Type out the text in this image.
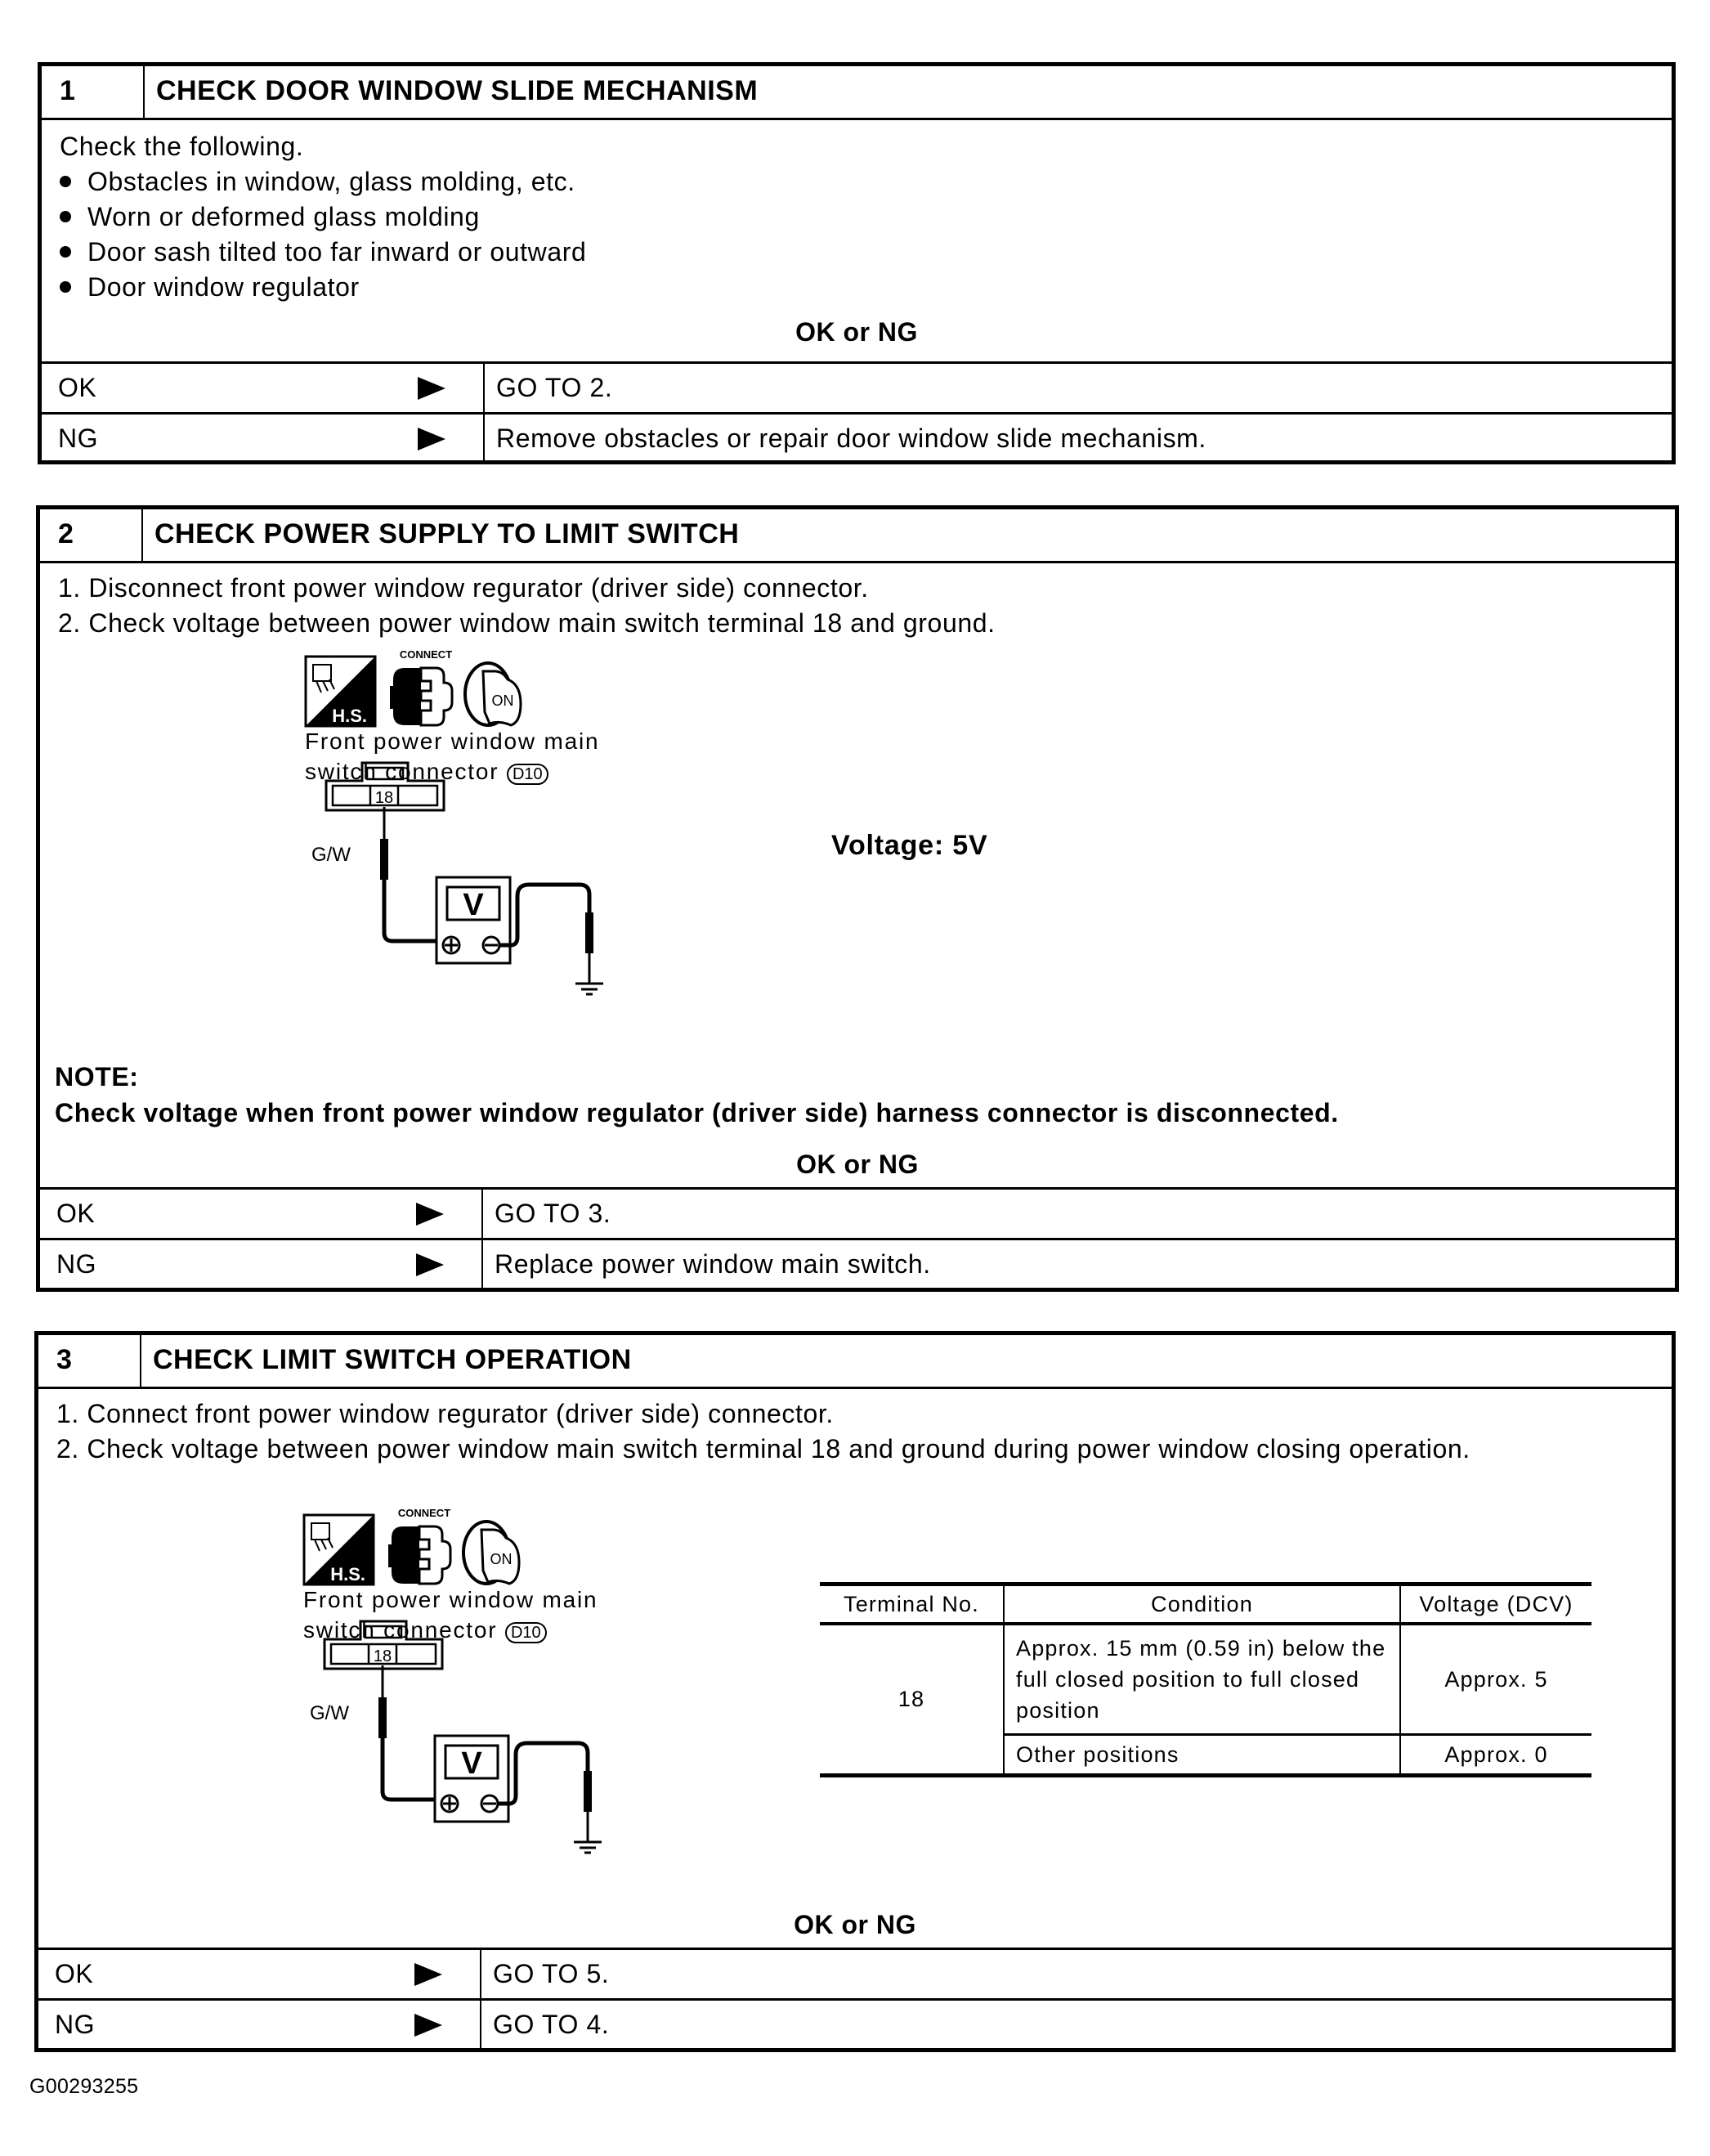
1	CHECK DOOR WINDOW SLIDE MECHANISM
Check the following.
Obstacles in window, glass molding, etc.
Worn or deformed glass molding
Door sash tilted too far inward or outward
Door window regulator
OK or NG
OK	GO TO 2.
NG	Remove obstacles or repair door window slide mechanism.
2	CHECK POWER SUPPLY TO LIMIT SWITCH
1. Disconnect front power window regurator (driver side) connector.
2. Check voltage between power window main switch terminal 18 and ground.
H.S.
CONNECT
ON
18
G/W
V
Front power window main
switch connector D10
Voltage: 5V
NOTE:
Check voltage when front power window regulator (driver side) harness connector is disconnected.
OK or NG
OK	GO TO 3.
NG	Replace power window main switch.
3	CHECK LIMIT SWITCH OPERATION
1. Connect front power window regurator (driver side) connector.
2. Check voltage between power window main switch terminal 18 and ground during power window closing operation.
H.S.
CONNECT
ON
18
G/W
V
Front power window main
switch connector D10
Terminal No.	Condition	Voltage (DCV)
18	Approx. 15 mm (0.59 in) below the full closed position to full closed position	Approx. 5
	Other positions	Approx. 0
OK or NG
OK	GO TO 5.
NG	GO TO 4.
G00293255
